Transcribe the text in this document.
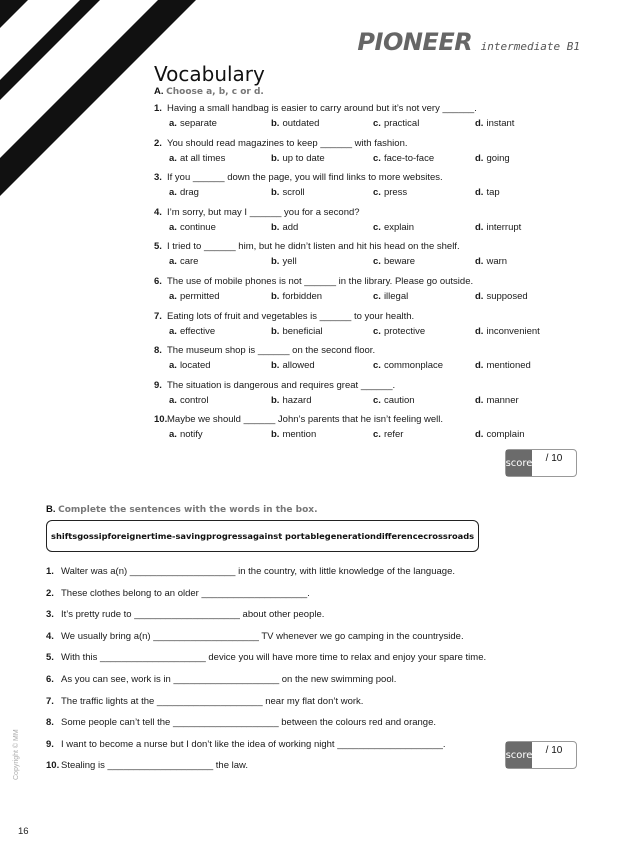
PIONEER intermediate B1
Vocabulary
A. Choose a, b, c or d.
1. Having a small handbag is easier to carry around but it’s not very ______.
a. separate	b. outdated	c. practical	d. instant
2. You should read magazines to keep ______ with fashion.
a. at all times	b. up to date	c. face-to-face	d. going
3. If you ______ down the page, you will find links to more websites.
a. drag	b. scroll	c. press	d. tap
4. I’m sorry, but may I ______ you for a second?
a. continue	b. add	c. explain	d. interrupt
5. I tried to ______ him, but he didn’t listen and hit his head on the shelf.
a. care	b. yell	c. beware	d. warn
6. The use of mobile phones is not ______ in the library. Please go outside.
a. permitted	b. forbidden	c. illegal	d. supposed
7. Eating lots of fruit and vegetables is ______ to your health.
a. effective	b. beneficial	c. protective	d. inconvenient
8. The museum shop is ______ on the second floor.
a. located	b. allowed	c. commonplace	d. mentioned
9. The situation is dangerous and requires great ______.
a. control	b. hazard	c. caution	d. manner
10. Maybe we should ______ John’s parents that he isn’t feeling well.
a. notify	b. mention	c. refer	d. complain
score	/ 10
B. Complete the sentences with the words in the box.
shiftsgossipforeignertime-savingprogressagainst portablegenerationdifferencecrossroads
1. Walter was a(n) ____________________ in the country, with little knowledge of the language.
2. These clothes belong to an older ____________________.
3. It’s pretty rude to ____________________ about other people.
4. We usually bring a(n) ____________________ TV whenever we go camping in the countryside.
5. With this ____________________ device you will have more time to relax and enjoy your spare time.
6. As you can see, work is in ____________________ on the new swimming pool.
7. The traffic lights at the ____________________ near my flat don’t work.
8. Some people can’t tell the ____________________ between the colours red and orange.
9. I want to become a nurse but I don’t like the idea of working night ____________________.
10. Stealing is ____________________ the law.
score	/ 10
Copyright © MM
16
